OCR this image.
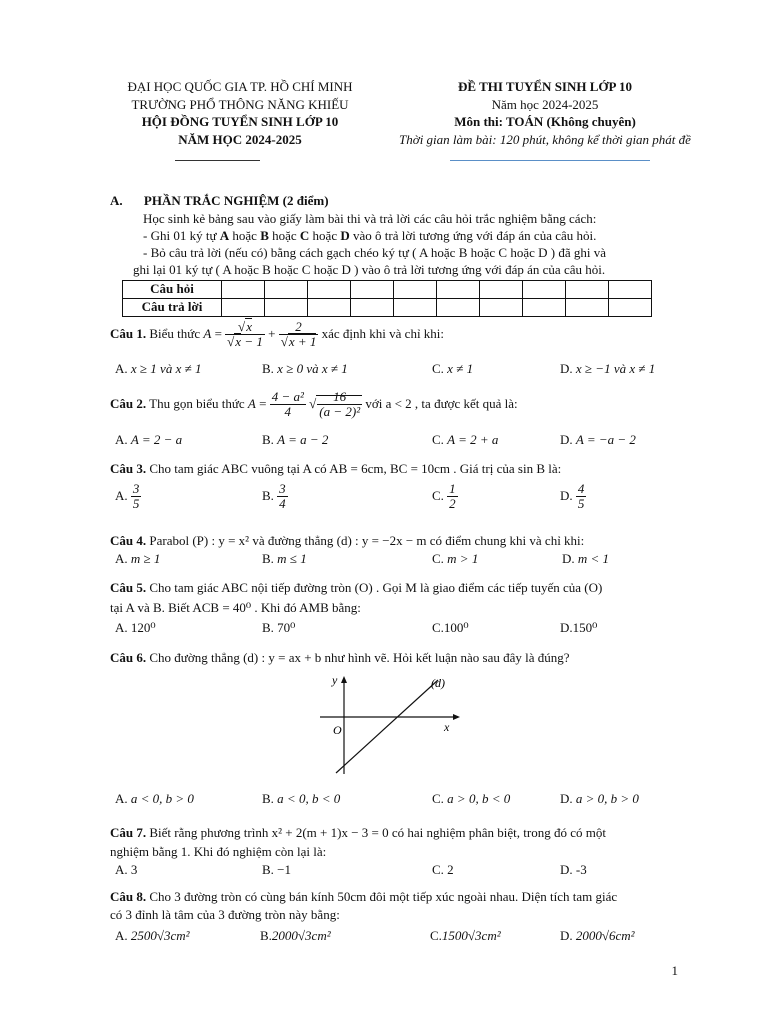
ĐẠI HỌC QUỐC GIA TP. HỒ CHÍ MINH
TRƯỜNG PHỔ THÔNG NĂNG KHIẾU
HỘI ĐỒNG TUYỂN SINH LỚP 10
NĂM HỌC 2024-2025
ĐỀ THI TUYỂN SINH LỚP 10
Năm học 2024-2025
Môn thi: TOÁN (Không chuyên)
Thời gian làm bài: 120 phút, không kể thời gian phát đề
A. PHẦN TRẮC NGHIỆM (2 điểm)
Học sinh kẻ bảng sau vào giấy làm bài thi và trả lời các câu hỏi trắc nghiệm bằng cách:
- Ghi 01 ký tự A hoặc B hoặc C hoặc D vào ô trả lời tương ứng với đáp án của câu hỏi.
- Bỏ câu trả lời (nếu có) bằng cách gạch chéo ký tự ( A hoặc B hoặc C hoặc D ) đã ghi và
ghi lại 01 ký tự ( A hoặc B hoặc C hoặc D ) vào ô trả lời tương ứng với đáp án của câu hỏi.
Câu hỏi										
Câu trả lời										
Câu 1. Biểu thức $A = \frac{√x}{√x - 1} + \frac{2}{√x + 1}$ xác định khi và chỉ khi:
A. x ≥ 1 và x ≠ 1	B. x ≥ 0 và x ≠ 1	C. x ≠ 1	D. x ≥ −1 và x ≠ 1
Câu 2. Thu gọn biểu thức $A = \frac{\text{4 − a²}}{4}$ √ $\frac{16}{\text{(a − 2)²}}$ với a < 2 , ta được kết quả là:
A. A = 2 − a	B. A = a − 2	C. A = 2 + a	D. A = −a − 2
Câu 3. Cho tam giác ABC vuông tại A có AB = 6cm, BC = 10cm . Giá trị của sin B là:
A. $\frac{3}{5}$	B. $\frac{3}{4}$	C. $\frac{1}{2}$	D. $\frac{4}{5}$
Câu 4. Parabol (P) : y = x² và đường thẳng (d) : y = −2x − m có điểm chung khi và chỉ khi:
A. m ≥ 1	B. m ≤ 1	C. m > 1	D. m < 1
Câu 5. Cho tam giác ABC nội tiếp đường tròn (O) . Gọi M là giao điểm các tiếp tuyến của (O)
tại A và B. Biết ACB = 40⁰ . Khi đó AMB bằng:
A. 120⁰	B. 70⁰	C.100⁰	D.150⁰
Câu 6. Cho đường thẳng (d) : y = ax + b như hình vẽ. Hỏi kết luận nào sau đây là đúng?
y
x
O
(d)
A. a < 0, b > 0	B. a < 0, b < 0	C. a > 0, b < 0	D. a > 0, b > 0
Câu 7. Biết rằng phương trình x² + 2(m + 1)x − 3 = 0 có hai nghiệm phân biệt, trong đó có một
nghiệm bằng 1. Khi đó nghiệm còn lại là:
A. 3	B. −1	C. 2	D. -3
Câu 8. Cho 3 đường tròn có cùng bán kính 50cm đôi một tiếp xúc ngoài nhau. Diện tích tam giác
có 3 đỉnh là tâm của 3 đường tròn này bằng:
A. 2500√3cm²	B.2000√3cm²	C.1500√3cm²	D. 2000√6cm²
1
